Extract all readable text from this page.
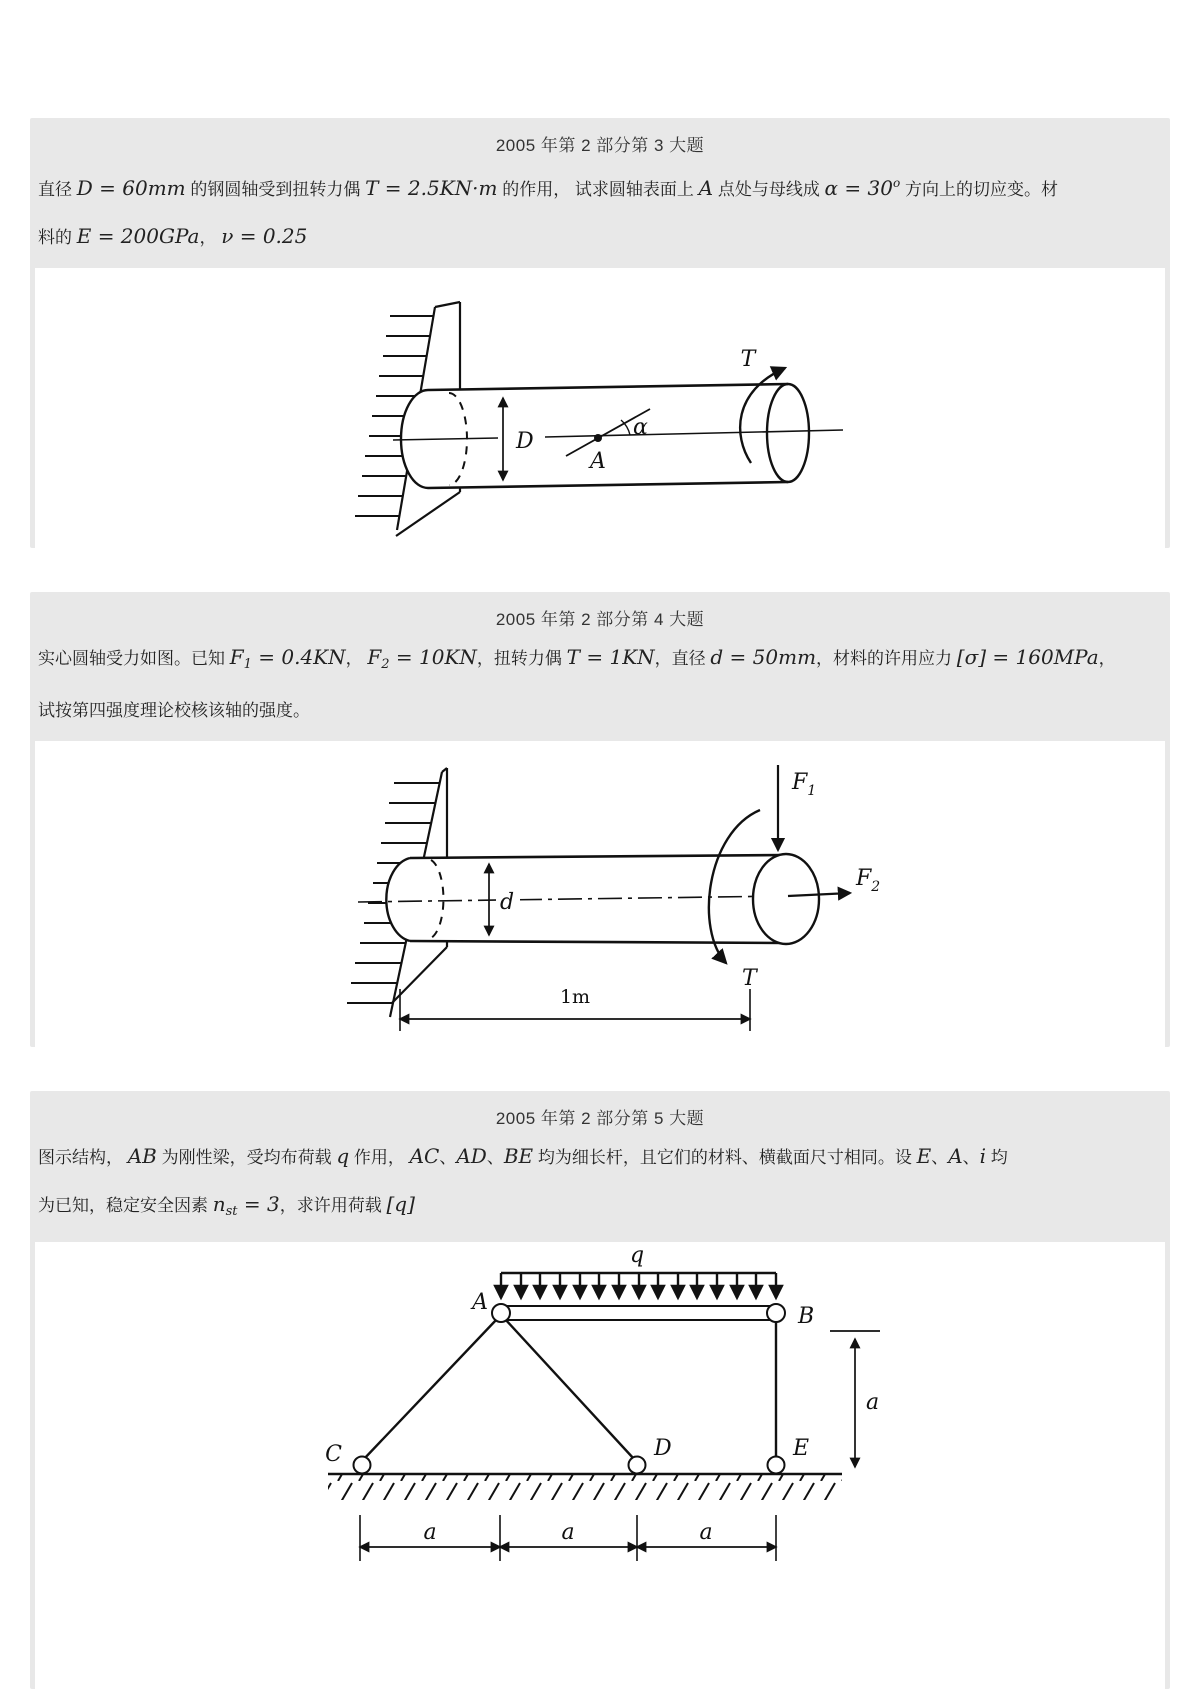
2005 年第 2 部分第 3 大题

直径 D = 60mm 的钢圆轴受到扭转力偶 T = 2.5KN·m 的作用， 试求圆轴表面上 A 点处与母线成 $\alpha = 30^o$ 方向上的切应变。材

料的 E = 200GPa， ν = 0.25

D
α
A
T
2005 年第 2 部分第 4 大题

实心圆轴受力如图。已知 $F_1 = 0.4KN$， $F_2 = 10KN$，扭转力偶 T = 1KN，直径 d = 50mm，材料的许用应力 [σ] = 160MPa，

试按第四强度理论校核该轴的强度。

d
$F_1$
$F_2$
T
1m
2005 年第 2 部分第 5 大题

图示结构， AB 为刚性梁，受均布荷载 q 作用， AC、AD、BE 均为细长杆，且它们的材料、横截面尺寸相同。设 E、A、i 均

为已知，稳定安全因素 $n_{st} = 3$，求许用荷载 [q]

q
A
B
C	D	E
a
a	a	a
